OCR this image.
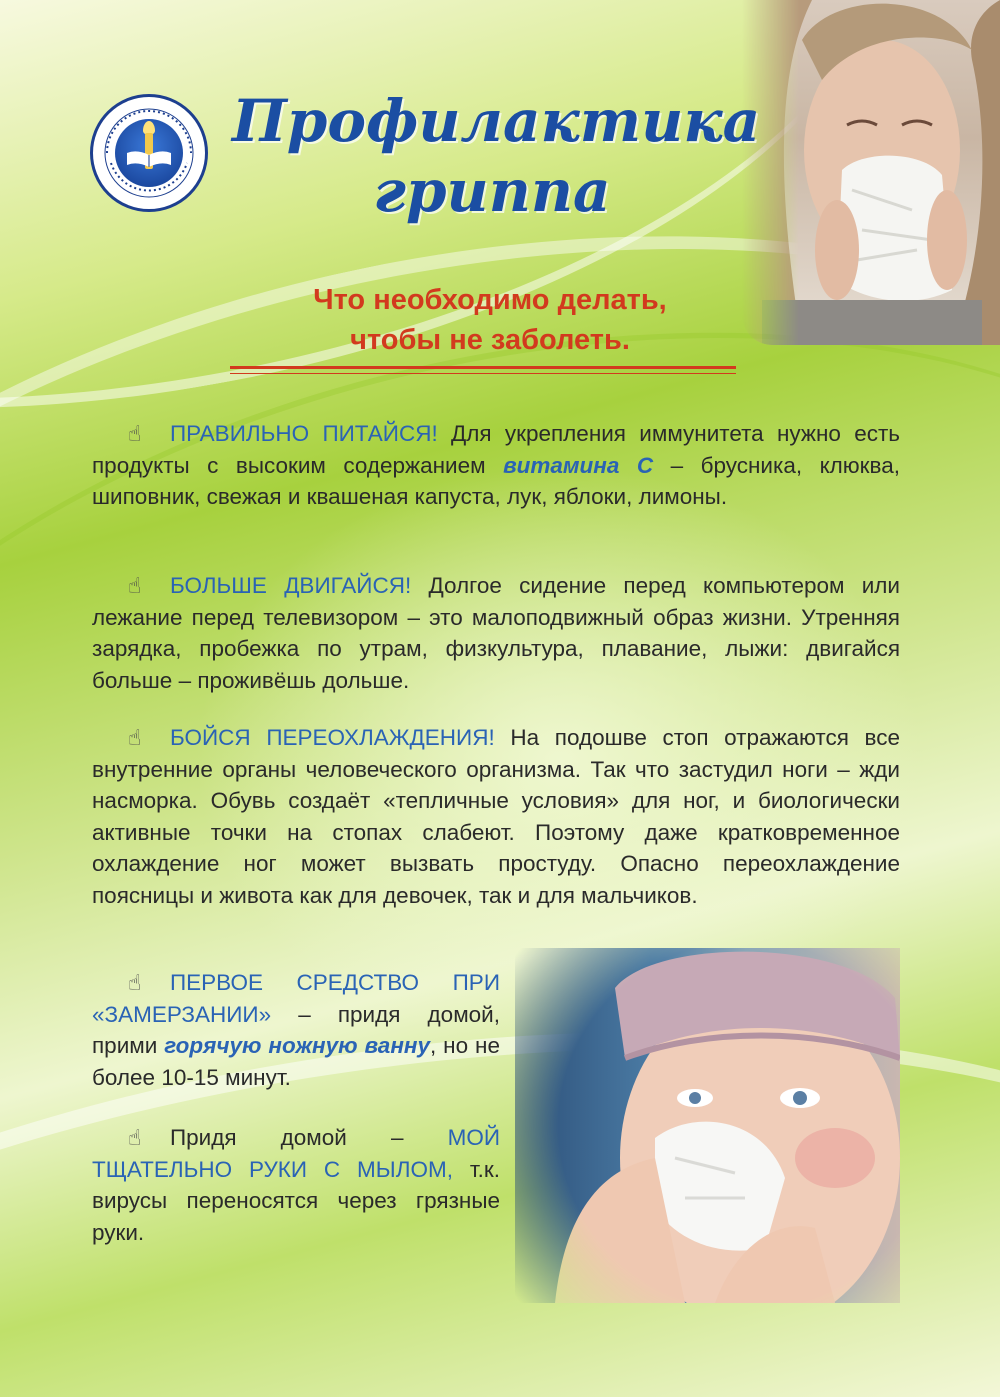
Профилактика
гриппа
Что необходимо делать,
чтобы не заболеть.
☝ ПРАВИЛЬНО ПИТАЙСЯ! Для укрепления иммунитета нужно есть продукты с высоким содержанием витамина С – брусника, клюква, шиповник, свежая и квашеная капуста, лук, яблоки, лимоны.
☝ БОЛЬШЕ ДВИГАЙСЯ! Долгое сидение перед компьютером или лежание перед телевизором – это малоподвижный образ жизни. Утренняя зарядка, пробежка по утрам, физкультура, плавание, лыжи: двигайся больше – проживёшь дольше.
☝ БОЙСЯ ПЕРЕОХЛАЖДЕНИЯ! На подошве стоп отражаются все внутренние органы человеческого организма. Так что застудил ноги – жди насморка. Обувь создаёт «тепличные условия» для ног, и биологически активные точки на стопах слабеют. Поэтому даже кратковременное охлаждение ног может вызвать простуду. Опасно переохлаждение поясницы и живота как для девочек, так и для мальчиков.
☝ ПЕРВОЕ СРЕДСТВО ПРИ «ЗАМЕРЗАНИИ» – придя домой, прими горячую ножную ванну, но не более 10-15 минут.
☝ Придя домой – МОЙ ТЩАТЕЛЬНО РУКИ С МЫЛОМ, т.к. вирусы переносятся через грязные руки.
